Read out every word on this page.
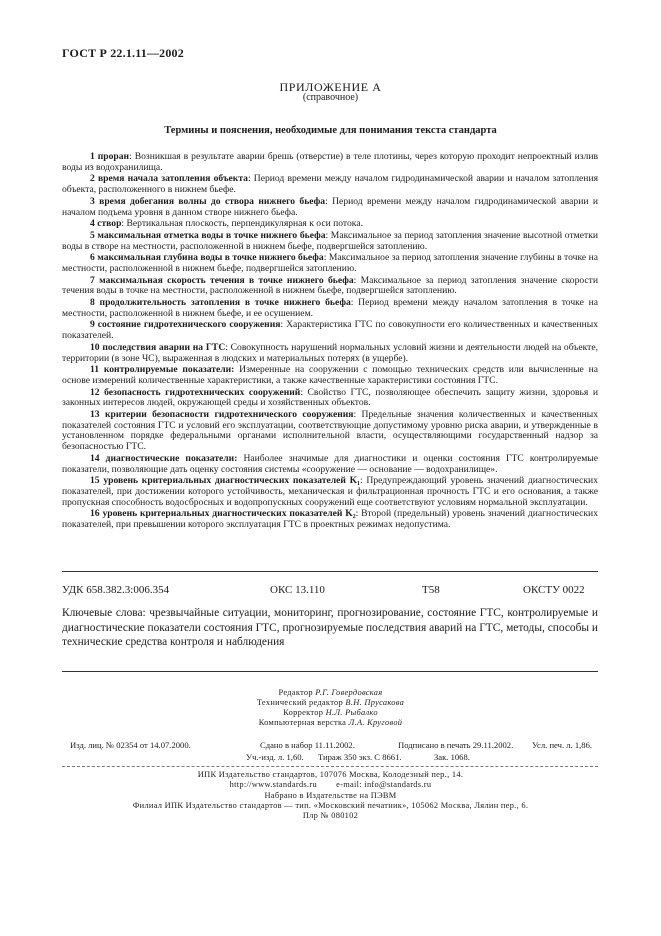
ГОСТ Р 22.1.11—2002
ПРИЛОЖЕНИЕ А
(справочное)
Термины и пояснения, необходимые для понимания текста стандарта

1 проран: Возникшая в результате аварии брешь (отверстие) в теле плотины, через которую проходит непроектный излив воды из водохранилища.

2 время начала затопления объекта: Период времени между началом гидродинамической аварии и началом затопления объекта, расположенного в нижнем бьефе.

3 время добегания волны до створа нижнего бьефа: Период времени между началом гидродинамической аварии и началом подъема уровня в данном створе нижнего бьефа.

4 створ: Вертикальная плоскость, перпендикулярная к оси потока.

5 максимальная отметка воды в точке нижнего бьефа: Максимальное за период затопления значение высотной отметки воды в створе на местности, расположенной в нижнем бьефе, подвергшейся затоплению.

6 максимальная глубина воды в точке нижнего бьефа: Максимальное за период затопления значение глубины в точке на местности, расположенной в нижнем бьефе, подвергшейся затоплению.

7 максимальная скорость течения в точке нижнего бьефа: Максимальное за период затопления значение скорости течения воды в точке на местности, расположенной в нижнем бьефе, подвергшейся затоплению.

8 продолжительность затопления в точке нижнего бьефа: Период времени между началом затопления в точке на местности, расположенной в нижнем бьефе, и ее осушением.

9 состояние гидротехнического сооружения: Характеристика ГТС по совокупности его количественных и качественных показателей.

10 последствия аварии на ГТС: Совокупность нарушений нормальных условий жизни и деятельности людей на объекте, территории (в зоне ЧС), выраженная в людских и материальных потерях (в ущербе).

11 контролируемые показатели: Измеренные на сооружении с помощью технических средств или вычисленные на основе измерений количественные характеристики, а также качественные характеристики состояния ГТС.

12 безопасность гидротехнических сооружений: Свойство ГТС, позволяющее обеспечить защиту жизни, здоровья и законных интересов людей, окружающей среды и хозяйственных объектов.

13 критерии безопасности гидротехнического сооружения: Предельные значения количественных и качественных показателей состояния ГТС и условий его эксплуатации, соответствующие допустимому уровню риска аварии, и утвержденные в установленном порядке федеральными органами исполнительной власти, осуществляющими государственный надзор за безопасностью ГТС.

14 диагностические показатели: Наиболее значимые для диагностики и оценки состояния ГТС контролируемые показатели, позволяющие дать оценку состояния системы «сооружение — основание — водохранилище».

15 уровень критериальных диагностических показателей K₁: Предупреждающий уровень значений диагностических показателей, при достижении которого устойчивость, механическая и фильтрационная прочность ГТС и его основания, а также пропускная способность водосбросных и водопропускных сооружений еще соответствуют условиям нормальной эксплуатации.

16 уровень критериальных диагностических показателей K₂: Второй (предельный) уровень значений диагностических показателей, при превышении которого эксплуатация ГТС в проектных режимах недопустима.

УДК 658.382.3:006.354	ОКС 13.110	Т58	ОКСТУ 0022

Ключевые слова: чрезвычайные ситуации, мониторинг, прогнозирование, состояние ГТС, контролируемые и диагностические показатели состояния ГТС, прогнозируемые последствия аварий на ГТС, методы, способы и технические средства контроля и наблюдения

Редактор Р.Г. Говердовская
Технический редактор В.Н. Прусакова
Корректор Н.Л. Рыбалко
Компьютерная верстка Л.А. Круговой
Изд. лиц. № 02354 от 14.07.2000.	Сдано в набор 11.11.2002.	Подписано в печать 29.11.2002. Усл. печ. л. 1,86.
Уч.-изд. л. 1,60. Тираж 350 экз. С 8661.	Зак. 1068.
ИПК Издательство стандартов, 107076 Москва, Колодезный пер., 14.
http://www.standards.ru        e-mail: info@standards.ru
Набрано в Издательстве на ПЭВМ
Филиал ИПК Издательство стандартов — тип. «Московский печатник», 105062 Москва, Лялин пер., 6.
Плр № 080102
